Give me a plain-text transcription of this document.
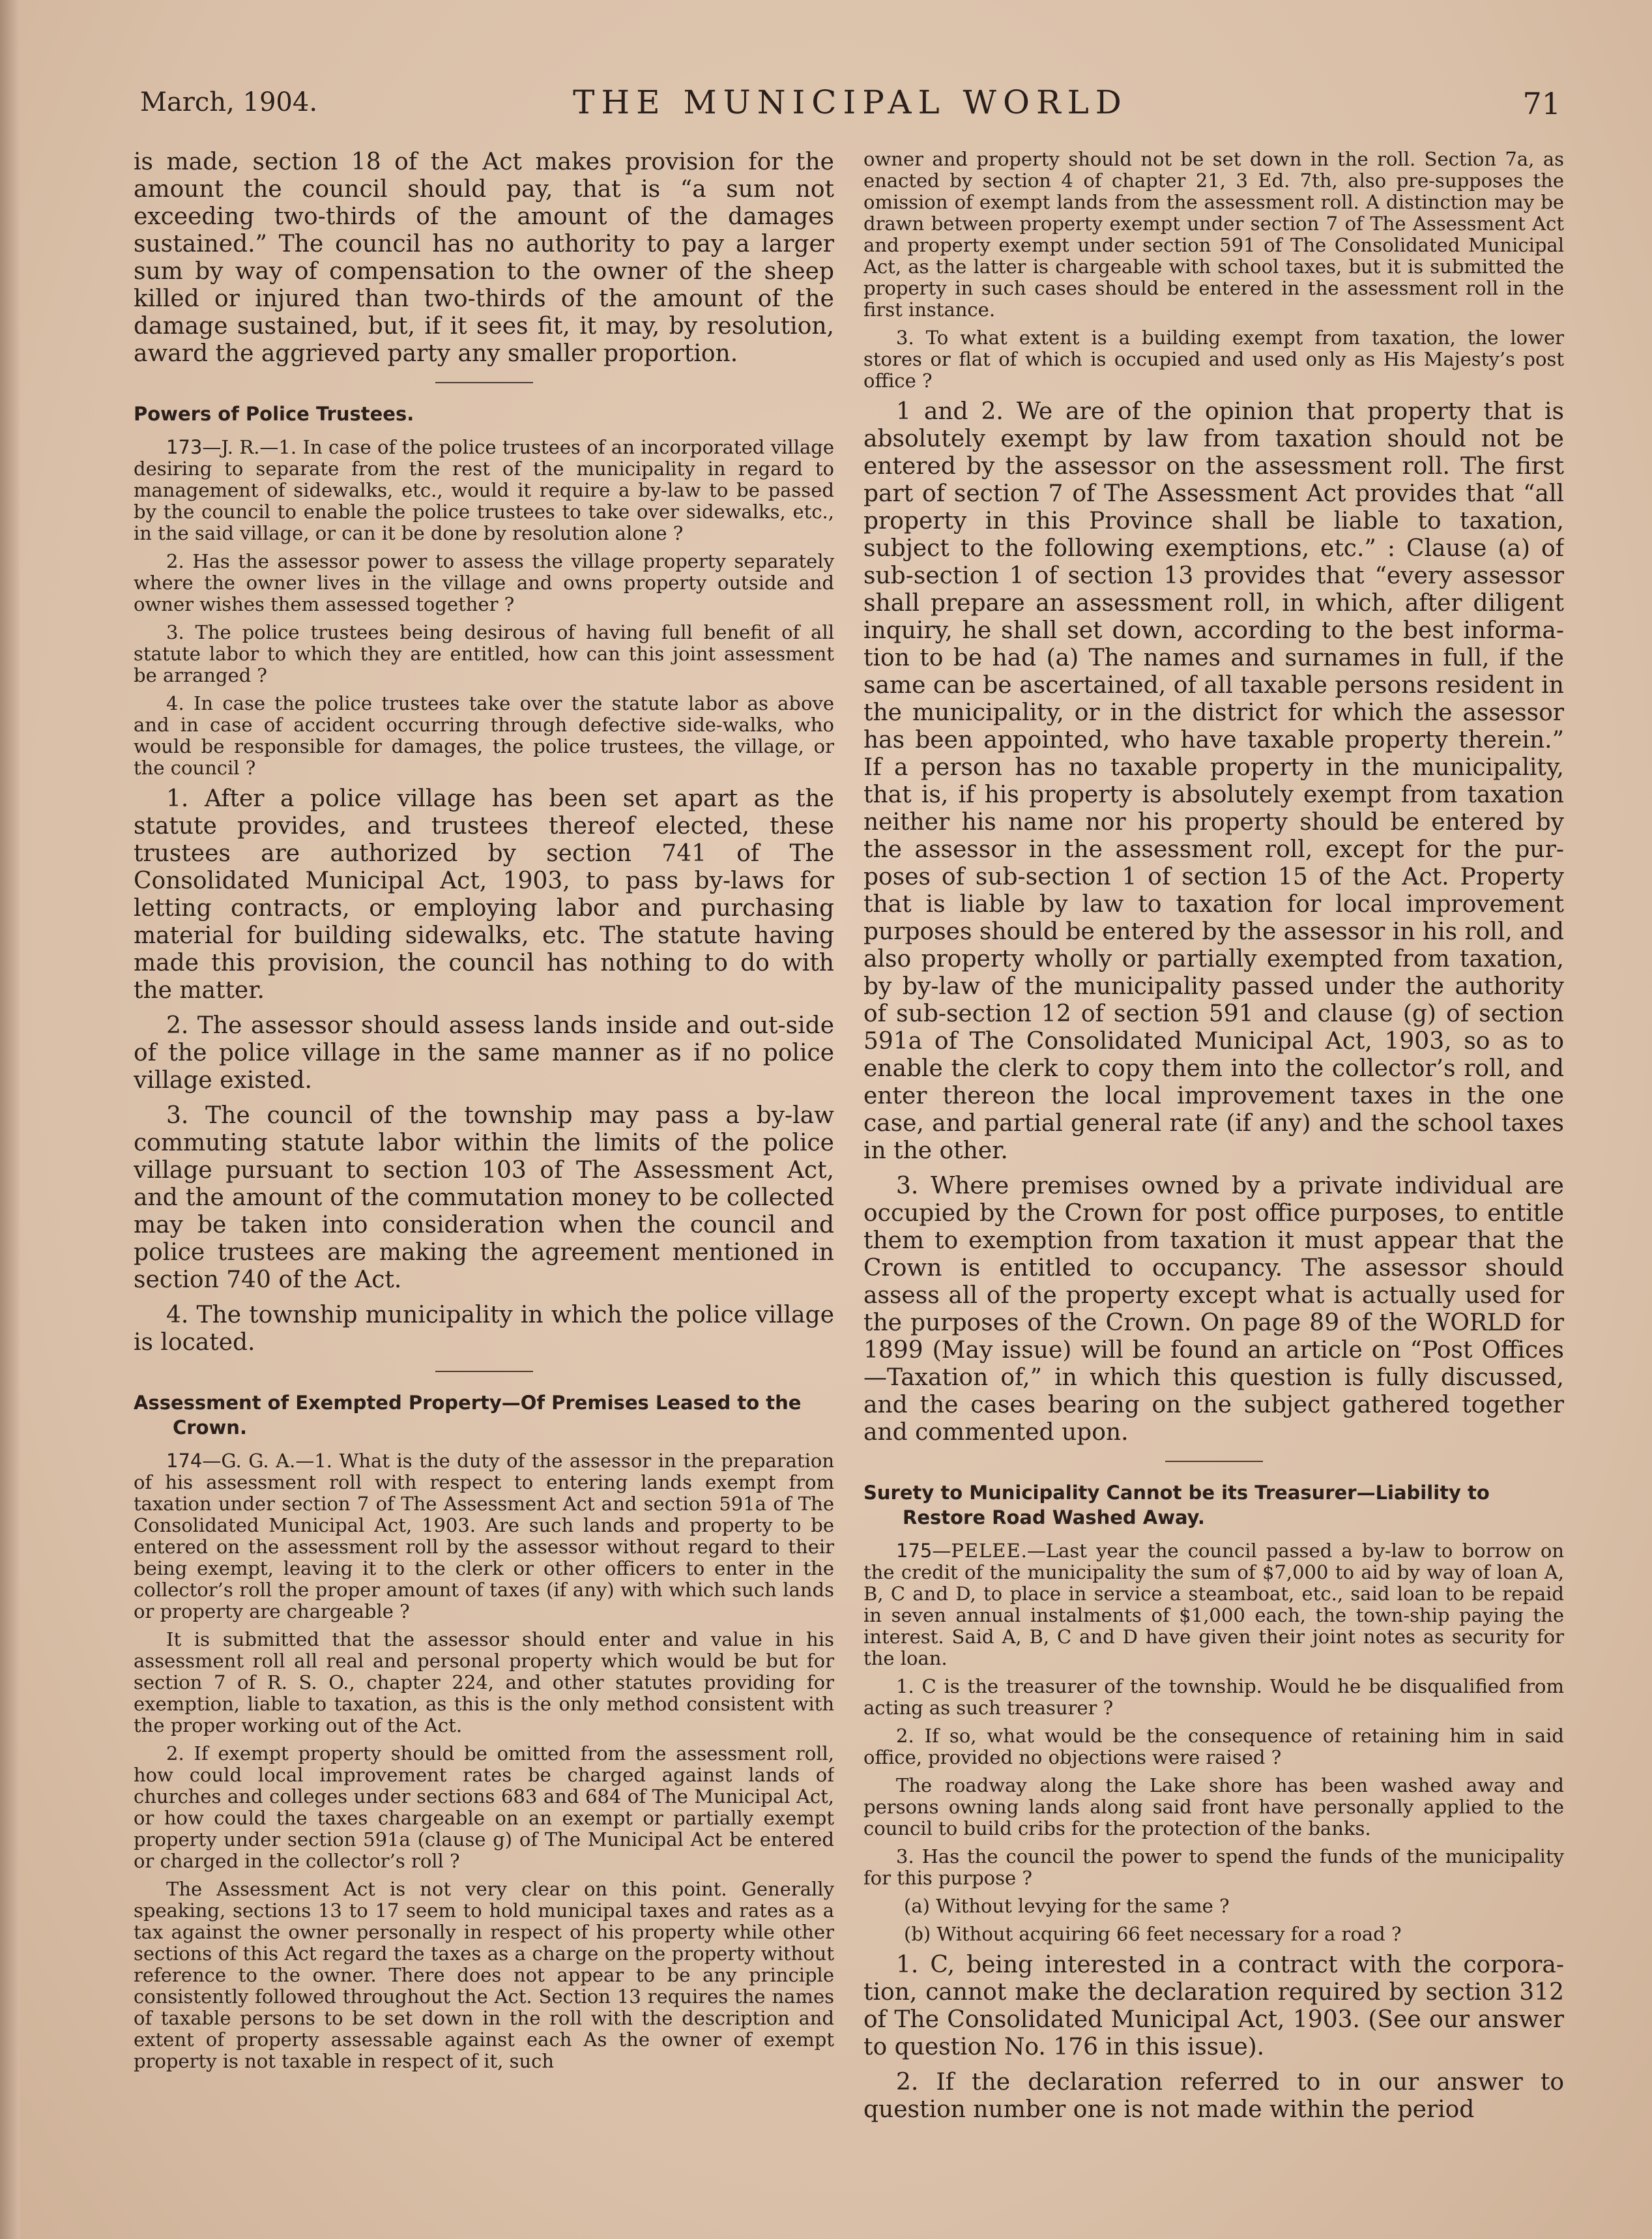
March, 1904.	THE MUNICIPAL WORLD	71

is made, section 18 of the Act makes provision for the amount the council should pay, that is “a sum not exceeding two-thirds of the amount of the damages sustained.” The council has no authority to pay a larger sum by way of compensation to the owner of the sheep killed or injured than two-thirds of the amount of the damage sustained, but, if it sees fit, it may, by resolution, award the aggrieved party any smaller proportion.

Powers of Police Trustees.

173—J. R.—1. In case of the police trustees of an incorporated village desiring to separate from the rest of the municipality in regard to management of sidewalks, etc., would it require a by-law to be passed by the council to enable the police trustees to take over sidewalks, etc., in the said village, or can it be done by resolution alone ?

2. Has the assessor power to assess the village property separately where the owner lives in the village and owns property outside and owner wishes them assessed together ?

3. The police trustees being desirous of having full benefit of all statute labor to which they are entitled, how can this joint assessment be arranged ?

4. In case the police trustees take over the statute labor as above and in case of accident occurring through defective side-walks, who would be responsible for damages, the police trustees, the village, or the council ?

1. After a police village has been set apart as the statute provides, and trustees thereof elected, these trustees are authorized by section 741 of The Consolidated Municipal Act, 1903, to pass by-laws for letting contracts, or employing labor and purchasing material for building sidewalks, etc. The statute having made this provision, the council has nothing to do with the matter.

2. The assessor should assess lands inside and out-side of the police village in the same manner as if no police village existed.

3. The council of the township may pass a by-law commuting statute labor within the limits of the police village pursuant to section 103 of The Assessment Act, and the amount of the commutation money to be collected may be taken into consideration when the council and police trustees are making the agreement mentioned in section 740 of the Act.

4. The township municipality in which the police village is located.

Assessment of Exempted Property—Of Premises Leased to the Crown.

174—G. G. A.—1. What is the duty of the assessor in the preparation of his assessment roll with respect to entering lands exempt from taxation under section 7 of The Assessment Act and section 591a of The Consolidated Municipal Act, 1903. Are such lands and property to be entered on the assessment roll by the assessor without regard to their being exempt, leaving it to the clerk or other officers to enter in the collector’s roll the proper amount of taxes (if any) with which such lands or property are chargeable ?

It is submitted that the assessor should enter and value in his assessment roll all real and personal property which would be but for section 7 of R. S. O., chapter 224, and other statutes providing for exemption, liable to taxation, as this is the only method consistent with the proper working out of the Act.

2. If exempt property should be omitted from the assessment roll, how could local improvement rates be charged against lands of churches and colleges under sections 683 and 684 of The Municipal Act, or how could the taxes chargeable on an exempt or partially exempt property under section 591a (clause g) of The Municipal Act be entered or charged in the collector’s roll ?

The Assessment Act is not very clear on this point. Generally speaking, sections 13 to 17 seem to hold municipal taxes and rates as a tax against the owner personally in respect of his property while other sections of this Act regard the taxes as a charge on the property without reference to the owner. There does not appear to be any principle consistently followed throughout the Act. Section 13 requires the names of taxable persons to be set down in the roll with the description and extent of property assessable against each As the owner of exempt property is not taxable in respect of it, such

owner and property should not be set down in the roll. Section 7a, as enacted by section 4 of chapter 21, 3 Ed. 7th, also pre-supposes the omission of exempt lands from the assessment roll. A distinction may be drawn between property exempt under section 7 of The Assessment Act and property exempt under section 591 of The Consolidated Municipal Act, as the latter is chargeable with school taxes, but it is submitted the property in such cases should be entered in the assessment roll in the first instance.

3. To what extent is a building exempt from taxation, the lower stores or flat of which is occupied and used only as His Majesty’s post office ?

1 and 2. We are of the opinion that property that is absolutely exempt by law from taxation should not be entered by the assessor on the assessment roll. The first part of section 7 of The Assessment Act provides that “all property in this Province shall be liable to taxation, subject to the following exemptions, etc.” : Clause (a) of sub-section 1 of section 13 provides that “every assessor shall prepare an assessment roll, in which, after diligent inquiry, he shall set down, according to the best informa-tion to be had (a) The names and surnames in full, if the same can be ascertained, of all taxable persons resident in the municipality, or in the district for which the assessor has been appointed, who have taxable property therein.” If a person has no taxable property in the municipality, that is, if his property is absolutely exempt from taxation neither his name nor his property should be entered by the assessor in the assessment roll, except for the pur-poses of sub-section 1 of section 15 of the Act. Property that is liable by law to taxation for local improvement purposes should be entered by the assessor in his roll, and also property wholly or partially exempted from taxation, by by-law of the municipality passed under the authority of sub-section 12 of section 591 and clause (g) of section 591a of The Consolidated Municipal Act, 1903, so as to enable the clerk to copy them into the collector’s roll, and enter thereon the local improvement taxes in the one case, and partial general rate (if any) and the school taxes in the other.

3. Where premises owned by a private individual are occupied by the Crown for post office purposes, to entitle them to exemption from taxation it must appear that the Crown is entitled to occupancy. The assessor should assess all of the property except what is actually used for the purposes of the Crown. On page 89 of the WORLD for 1899 (May issue) will be found an article on “Post Offices—Taxation of,” in which this question is fully discussed, and the cases bearing on the subject gathered together and commented upon.

Surety to Municipality Cannot be its Treasurer—Liability to Restore Road Washed Away.

175—PELEE.—Last year the council passed a by-law to borrow on the credit of the municipality the sum of $7,000 to aid by way of loan A, B, C and D, to place in service a steamboat, etc., said loan to be repaid in seven annual instalments of $1,000 each, the town-ship paying the interest. Said A, B, C and D have given their joint notes as security for the loan.

1. C is the treasurer of the township. Would he be disqualified from acting as such treasurer ?

2. If so, what would be the consequence of retaining him in said office, provided no objections were raised ?

The roadway along the Lake shore has been washed away and persons owning lands along said front have personally applied to the council to build cribs for the protection of the banks.

3. Has the council the power to spend the funds of the municipality for this purpose ?

(a) Without levying for the same ?

(b) Without acquiring 66 feet necessary for a road ?

1. C, being interested in a contract with the corpora-tion, cannot make the declaration required by section 312 of The Consolidated Municipal Act, 1903. (See our answer to question No. 176 in this issue).

2. If the declaration referred to in our answer to question number one is not made within the period
